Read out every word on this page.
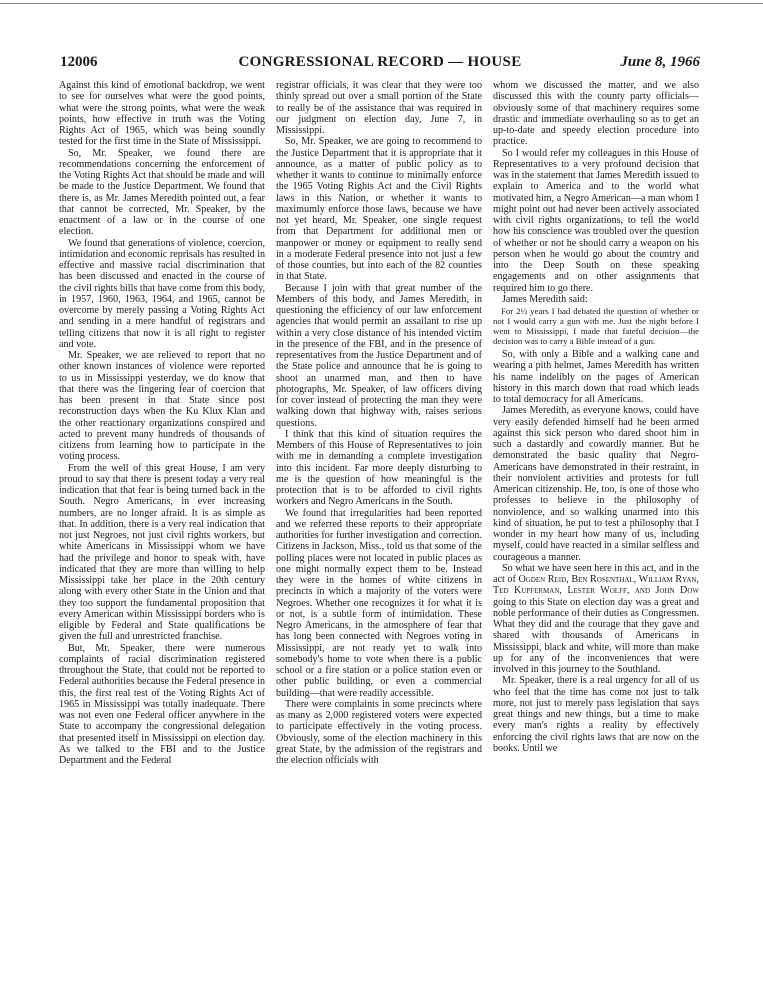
12006	CONGRESSIONAL RECORD — HOUSE	June 8, 1966

Against this kind of emotional backdrop, we went to see for ourselves what were the good points, what were the strong points, what were the weak points, how effective in truth was the Voting Rights Act of 1965, which was being soundly tested for the first time in the State of Mississippi.

So, Mr. Speaker, we found there are recommendations concerning the enforcement of the Voting Rights Act that should be made and will be made to the Justice Department. We found that there is, as Mr. James Meredith pointed out, a fear that cannot be corrected, Mr. Speaker, by the enactment of a law or in the course of one election.

We found that generations of violence, coercion, intimidation and economic reprisals has resulted in effective and massive racial discrimination that has been discussed and enacted in the course of the civil rights bills that have come from this body, in 1957, 1960, 1963, 1964, and 1965, cannot be overcome by merely passing a Voting Rights Act and sending in a mere handful of registrars and telling citizens that now it is all right to register and vote.

Mr. Speaker, we are relieved to report that no other known instances of violence were reported to us in Mississippi yesterday, we do know that that there was the lingering fear of coercion that has been present in that State since post reconstruction days when the Ku Klux Klan and the other reactionary organizations conspired and acted to prevent many hundreds of thousands of citizens from learning how to participate in the voting process.

From the well of this great House, I am very proud to say that there is present today a very real indication that that fear is being turned back in the South. Negro Americans, in ever increasing numbers, are no longer afraid. It is as simple as that. In addition, there is a very real indication that not just Negroes, not just civil rights workers, but white Americans in Mississippi whom we have had the privilege and honor to speak with, have indicated that they are more than willing to help Mississippi take her place in the 20th century along with every other State in the Union and that they too support the fundamental proposition that every American within Mississippi borders who is eligible by Federal and State qualifications be given the full and unrestricted franchise.

But, Mr. Speaker, there were numerous complaints of racial discrimination registered throughout the State, that could not be reported to Federal authorities because the Federal presence in this, the first real test of the Voting Rights Act of 1965 in Mississippi was totally inadequate. There was not even one Federal officer anywhere in the State to accompany the congressional delegation that presented itself in Mississippi on election day. As we talked to the FBI and to the Justice Department and the Federal

registrar officials, it was clear that they were too thinly spread out over a small portion of the State to really be of the assistance that was required in our judgment on election day, June 7, in Mississippi.

So, Mr. Speaker, we are going to recommend to the Justice Department that it is appropriate that it announce, as a matter of public policy as to whether it wants to continue to minimally enforce the 1965 Voting Rights Act and the Civil Rights laws in this Nation, or whether it wants to maximumly enforce those laws, because we have not yet heard, Mr. Speaker, one single request from that Department for additional men or manpower or money or equipment to really send in a moderate Federal presence into not just a few of those counties, but into each of the 82 counties in that State.

Because I join with that great number of the Members of this body, and James Meredith, in questioning the efficiency of our law enforcement agencies that would permit an assailant to rise up within a very close distance of his intended victim in the presence of the FBI, and in the presence of representatives from the Justice Department and of the State police and announce that he is going to shoot an unarmed man, and then to have photographs, Mr. Speaker, of law officers diving for cover instead of protecting the man they were walking down that highway with, raises serious questions.

I think that this kind of situation requires the Members of this House of Representatives to join with me in demanding a complete investigation into this incident. Far more deeply disturbing to me is the question of how meaningful is the protection that is to be afforded to civil rights workers and Negro Americans in the South.

We found that irregularities had been reported and we referred these reports to their appropriate authorities for further investigation and correction. Citizens in Jackson, Miss., told us that some of the polling places were not located in public places as one might normally expect them to be. Instead they were in the homes of white citizens in precincts in which a majority of the voters were Negroes. Whether one recognizes it for what it is or not, is a subtle form of intimidation. These Negro Americans, in the atmosphere of fear that has long been connected with Negroes voting in Mississippi, are not ready yet to walk into somebody's home to vote when there is a public school or a fire station or a police station even or other public building, or even a commercial building—that were readily accessible.

There were complaints in some precincts where as many as 2,000 registered voters were expected to participate effectively in the voting process. Obviously, some of the election machinery in this great State, by the admission of the registrars and the election officials with

whom we discussed the matter, and we also discussed this with the county party officials—obviously some of that machinery requires some drastic and immediate overhauling so as to get an up-to-date and speedy election procedure into practice.

So I would refer my colleagues in this House of Representatives to a very profound decision that was in the statement that James Meredith issued to explain to America and to the world what motivated him, a Negro American—a man whom I might point out had never been actively associated with civil rights organizations, to tell the world how his conscience was troubled over the question of whether or not he should carry a weapon on his person when he would go about the country and into the Deep South on these speaking engagements and on other assignments that required him to go there.

James Meredith said:

For 2½ years I had debated the question of whether or not I would carry a gun with me. Just the night before I went to Mississippi, I made that fateful decision—the decision was to carry a Bible instead of a gun.

So, with only a Bible and a walking cane and wearing a pith helmet, James Meredith has written his name indelibly on the pages of American history in this march down that road which leads to total democracy for all Americans.

James Meredith, as everyone knows, could have very easily defended himself had he been armed against this sick person who dared shoot him in such a dastardly and cowardly manner. But he demonstrated the basic quality that Negro-Americans have demonstrated in their restraint, in their nonviolent activities and protests for full American citizenship. He, too, is one of those who professes to believe in the philosophy of nonviolence, and so walking unarmed into this kind of situation, he put to test a philosophy that I wonder in my heart how many of us, including myself, could have reacted in a similar selfless and courageous a manner.

So what we have seen here in this act, and in the act of Ogden Reid, Ben Rosenthal, William Ryan, Ted Kupferman, Lester Wolff, and John Dow going to this State on election day was a great and noble performance of their duties as Congressmen. What they did and the courage that they gave and shared with thousands of Americans in Mississippi, black and white, will more than make up for any of the inconveniences that were involved in this journey to the Southland.

Mr. Speaker, there is a real urgency for all of us who feel that the time has come not just to talk more, not just to merely pass legislation that says great things and new things, but a time to make every man's rights a reality by effectively enforcing the civil rights laws that are now on the books. Until we
